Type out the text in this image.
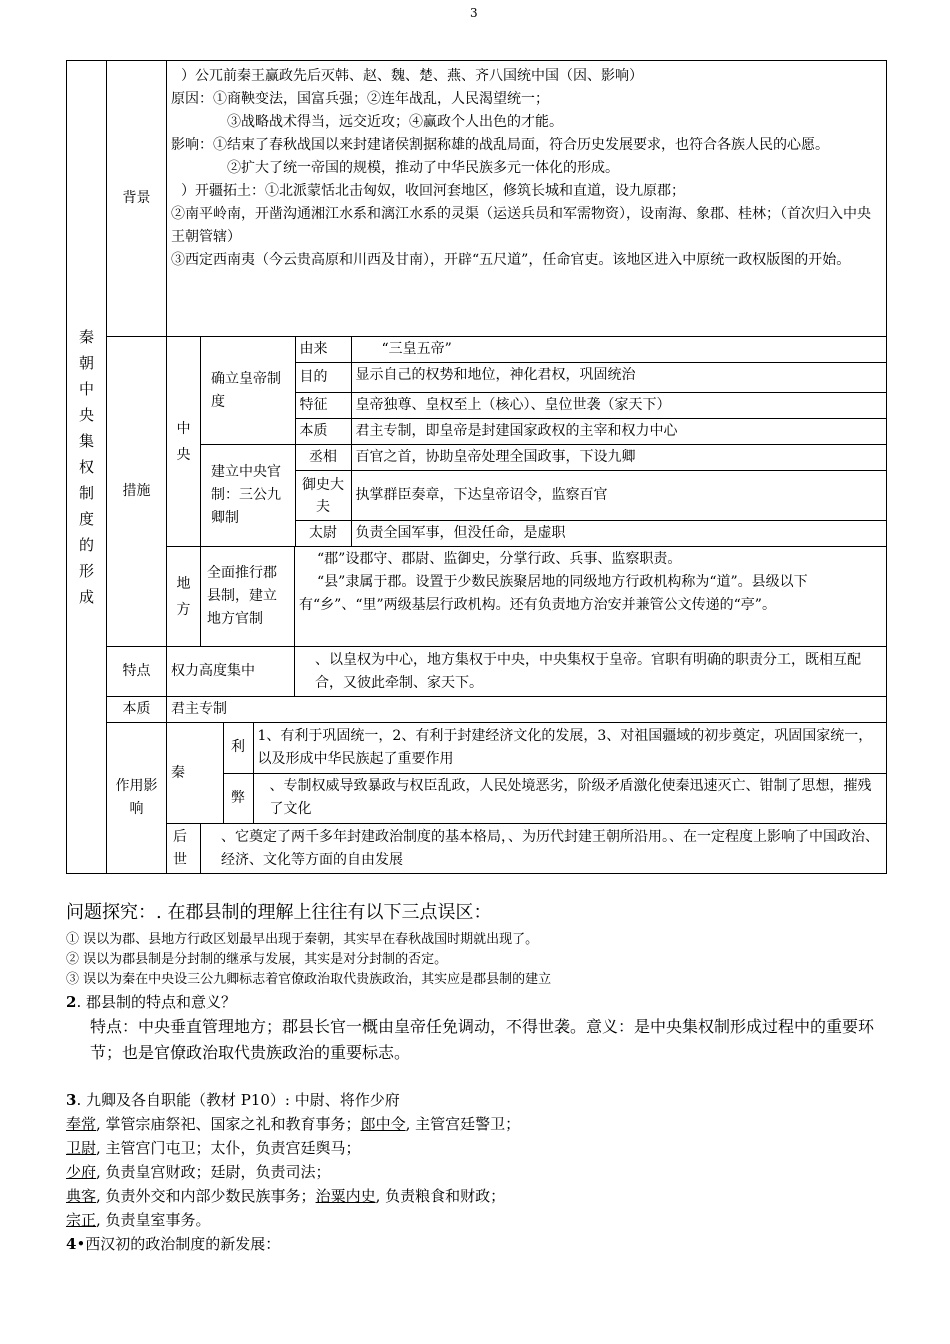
3
秦
朝
中
央
集
权
制
度
的
形
成
	背景	
）公兀前秦王赢政先后灭韩、赵、魏、楚、燕、齐八国统中国（因、影响）
原因：①商鞅变法，国富兵强；②连年战乱，人民渴望统一；
③战略战术得当，远交近攻；④赢政个人出色的才能。
影响：①结束了春秋战国以来封建诸侯割据称雄的战乱局面，符合历史发展要求，也符合各族人民的心愿。
②扩大了统一帝国的规模，推动了中华民族多元一体化的形成。
）开疆拓土：①北派蒙恬北击匈奴，收回河套地区，修筑长城和直道，设九原郡；
②南平岭南，开凿沟通湘江水系和漓江水系的灵渠（运送兵员和军需物资），设南海、象郡、桂林；（首次归入中央王朝管辖）
③西定西南夷（今云贵高原和川西及甘南），开辟“五尺道”，任命官吏。该地区进入中原统一政权版图的开始。

措施	中央	
确立皇帝制度	由来	“三皇五帝”
目的	显示自己的权势和地位，神化君权，巩固统治
特征	皇帝独尊、皇权至上（核心）、皇位世袭（家天下）
本质	君主专制，即皇帝是封建国家政权的主宰和权力中心

建立中央官制：三公九卿制	丞相	百官之首，协助皇帝处理全国政事，下设九卿
御史大夫	执掌群臣奏章，下达皇帝诏令，监察百官
太尉	负责全国军事，但没任命，是虚职

地方	全面推行郡县制，建立地方官制	
“郡”设郡守、郡尉、监御史，分掌行政、兵事、监察职责。
“县”隶属于郡。设置于少数民族聚居地的同级地方行政机构称为“道”。县级以下有“乡”、“里”两级基层行政机构。还有负责地方治安并兼管公文传递的“亭”。

特点	权力高度集中	、以皇权为中心，地方集权于中央，中央集权于皇帝。官职有明确的职责分工，既相互配合，又彼此牵制、家天下。
本质	君主专制
作用影响	
秦	利	1、有利于巩固统一，2、有利于封建经济文化的发展，3、对祖国疆域的初步奠定，巩固国家统一，以及形成中华民族起了重要作用
弊	、专制权威导致暴政与权臣乱政，人民处境恶劣，阶级矛盾激化使秦迅速灭亡、钳制了思想，摧残了文化

后世	、它奠定了两千多年封建政治制度的基本格局，、为历代封建王朝所沿用。、在一定程度上影响了中国政治、经济、文化等方面的自由发展

问题探究：. 在郡县制的理解上往往有以下三点误区：

① 误以为郡、县地方行政区划最早出现于秦朝，其实早在春秋战国时期就出现了。

② 误以为郡县制是分封制的继承与发展，其实是对分封制的否定。

③ 误以为秦在中央设三公九卿标志着官僚政治取代贵族政治，其实应是郡县制的建立

2. 郡县制的特点和意义？

特点：中央垂直管理地方；郡县长官一概由皇帝任免调动，不得世袭。意义：是中央集权制形成过程中的重要环节；也是官僚政治取代贵族政治的重要标志。

3. 九卿及各自职能（教材 P10）: 中尉、将作少府

奉常, 掌管宗庙祭祀、国家之礼和教育事务；郎中令, 主管宫廷警卫；

卫尉, 主管宫门屯卫；太仆，负责宫廷舆马；

少府, 负责皇宫财政；廷尉，负责司法；

典客, 负责外交和内部少数民族事务；治粟内史, 负责粮食和财政；

宗正, 负责皇室事务。

4•西汉初的政治制度的新发展：
